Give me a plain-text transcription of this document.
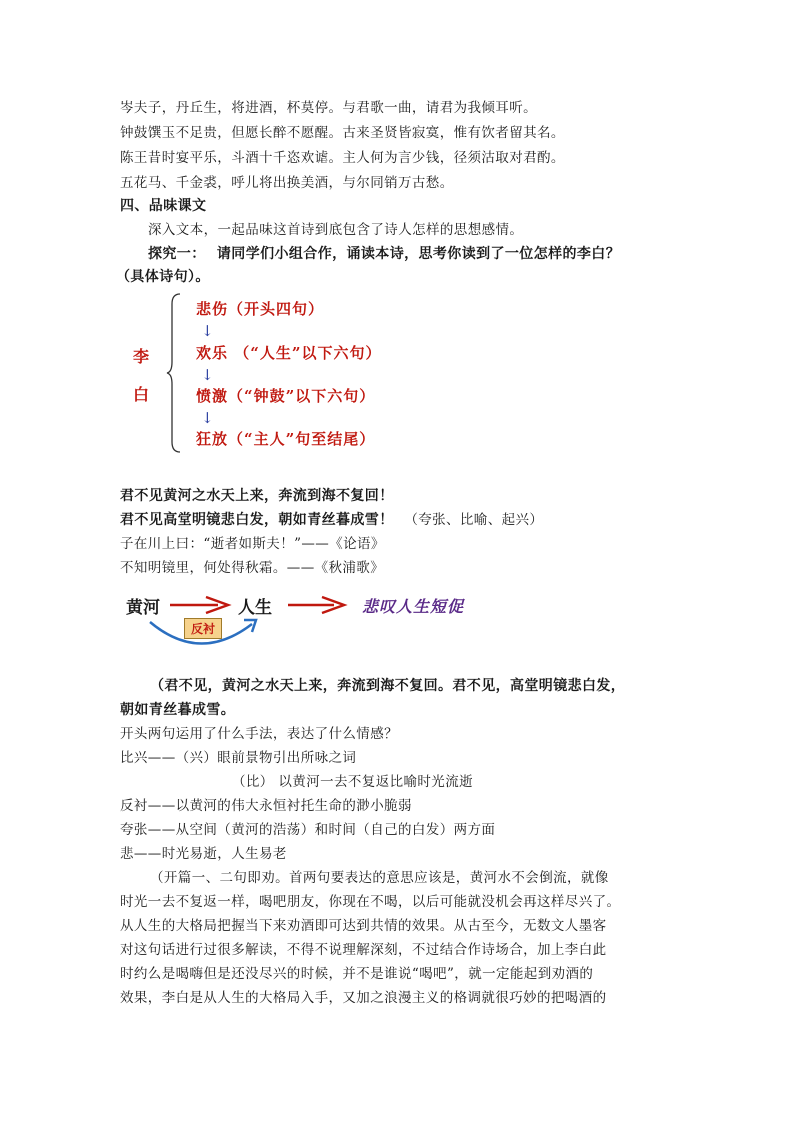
岑夫子，丹丘生，将进酒，杯莫停。与君歌一曲，请君为我倾耳听。
钟鼓馔玉不足贵，但愿长醉不愿醒。古来圣贤皆寂寞，惟有饮者留其名。
陈王昔时宴平乐，斗酒十千恣欢谑。主人何为言少钱，径须沽取对君酌。
五花马、千金裘，呼儿将出换美酒，与尔同销万古愁。
四、品味课文
深入文本，一起品味这首诗到底包含了诗人怎样的思想感情。
探究一： 请同学们小组合作，诵读本诗，思考你读到了一位怎样的李白？
（具体诗句）。
李
白
悲伤（开头四句）
↓
欢乐 （“人生”以下六句）
↓
愤激（“钟鼓”以下六句）
↓
狂放（“主人”句至结尾）
君不见黄河之水天上来，奔流到海不复回！
君不见高堂明镜悲白发，朝如青丝暮成雪！ （夸张、比喻、起兴）
子在川上曰：“逝者如斯夫！”——《论语》
不知明镜里，何处得秋霜。——《秋浦歌》
黄河	人生	悲叹人生短促
反衬
（君不见，黄河之水天上来，奔流到海不复回。君不见，高堂明镜悲白发，
朝如青丝暮成雪。
开头两句运用了什么手法，表达了什么情感？
比兴——（兴）眼前景物引出所咏之词
（比） 以黄河一去不复返比喻时光流逝
反衬——以黄河的伟大永恒衬托生命的渺小脆弱
夸张——从空间（黄河的浩荡）和时间（自己的白发）两方面
悲——时光易逝，人生易老
（开篇一、二句即劝。首两句要表达的意思应该是，黄河水不会倒流，就像
时光一去不复返一样，喝吧朋友，你现在不喝，以后可能就没机会再这样尽兴了。
从人生的大格局把握当下来劝酒即可达到共情的效果。从古至今，无数文人墨客
对这句话进行过很多解读，不得不说理解深刻，不过结合作诗场合，加上李白此
时约么是喝嗨但是还没尽兴的时候，并不是谁说“喝吧”，就一定能起到劝酒的
效果，李白是从人生的大格局入手，又加之浪漫主义的格调就很巧妙的把喝酒的
